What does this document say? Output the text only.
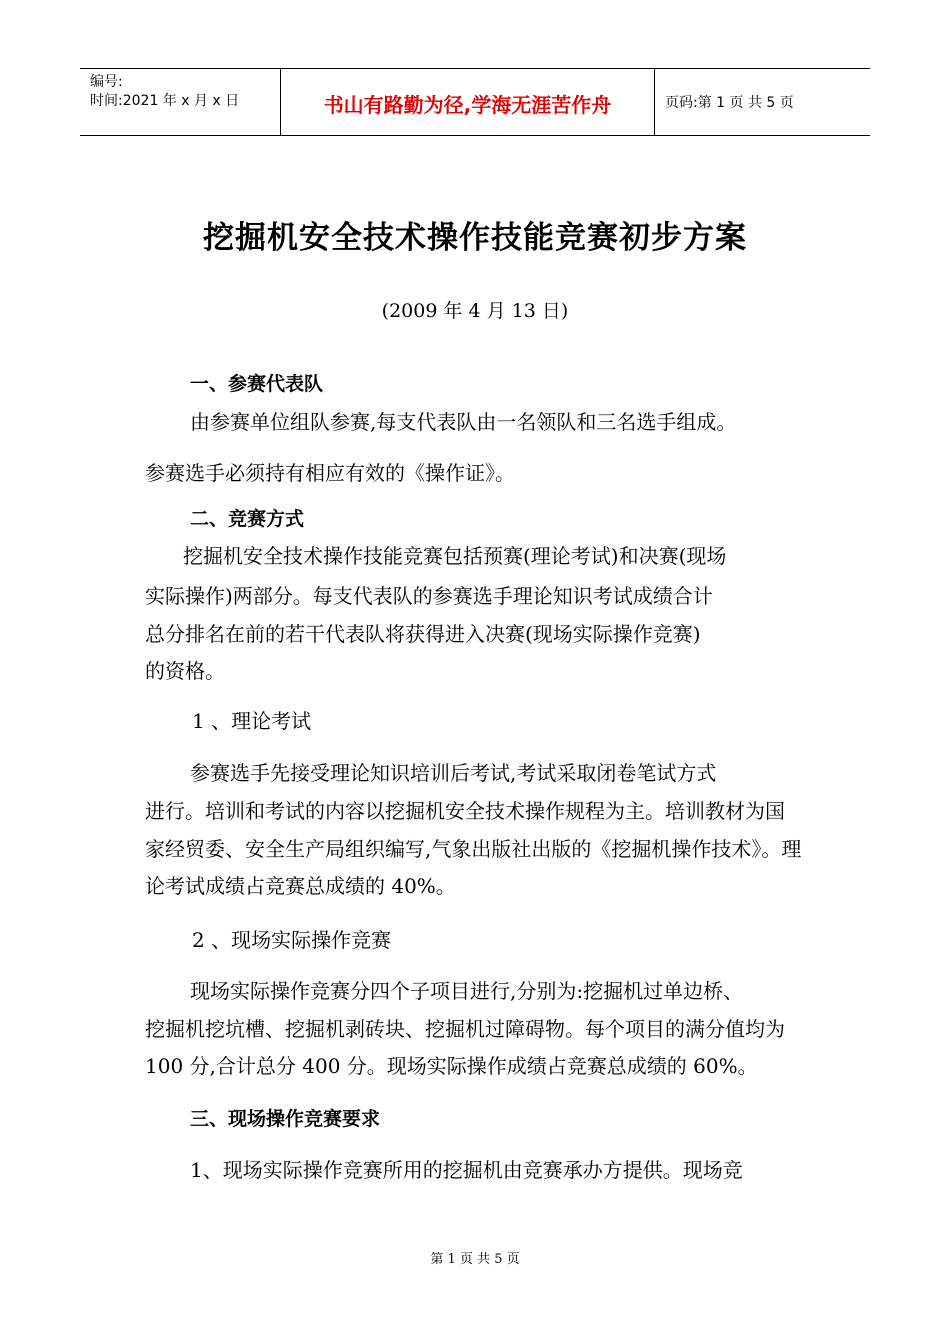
编号:
时间:2021 年 x 月 x 日	书山有路勤为径,学海无涯苦作舟	页码:第 1 页 共 5 页
挖掘机安全技术操作技能竞赛初步方案
(2009 年 4 月 13 日)
一、参赛代表队
由参赛单位组队参赛,每支代表队由一名领队和三名选手组成。
参赛选手必须持有相应有效的《操作证》。
二、竞赛方式
挖掘机安全技术操作技能竞赛包括预赛(理论考试)和决赛(现场
实际操作)两部分。每支代表队的参赛选手理论知识考试成绩合计
总分排名在前的若干代表队将获得进入决赛(现场实际操作竞赛)
的资格。
1 、理论考试
参赛选手先接受理论知识培训后考试,考试采取闭卷笔试方式
进行。培训和考试的内容以挖掘机安全技术操作规程为主。培训教材为国
家经贸委、安全生产局组织编写,气象出版社出版的《挖掘机操作技术》。理
论考试成绩占竞赛总成绩的 40%。
2 、现场实际操作竞赛
现场实际操作竞赛分四个子项目进行,分别为:挖掘机过单边桥、
挖掘机挖坑槽、挖掘机剥砖块、挖掘机过障碍物。每个项目的满分值均为
100 分,合计总分 400 分。现场实际操作成绩占竞赛总成绩的 60%。
三、现场操作竞赛要求
1、现场实际操作竞赛所用的挖掘机由竞赛承办方提供。现场竞
第 1 页 共 5 页
